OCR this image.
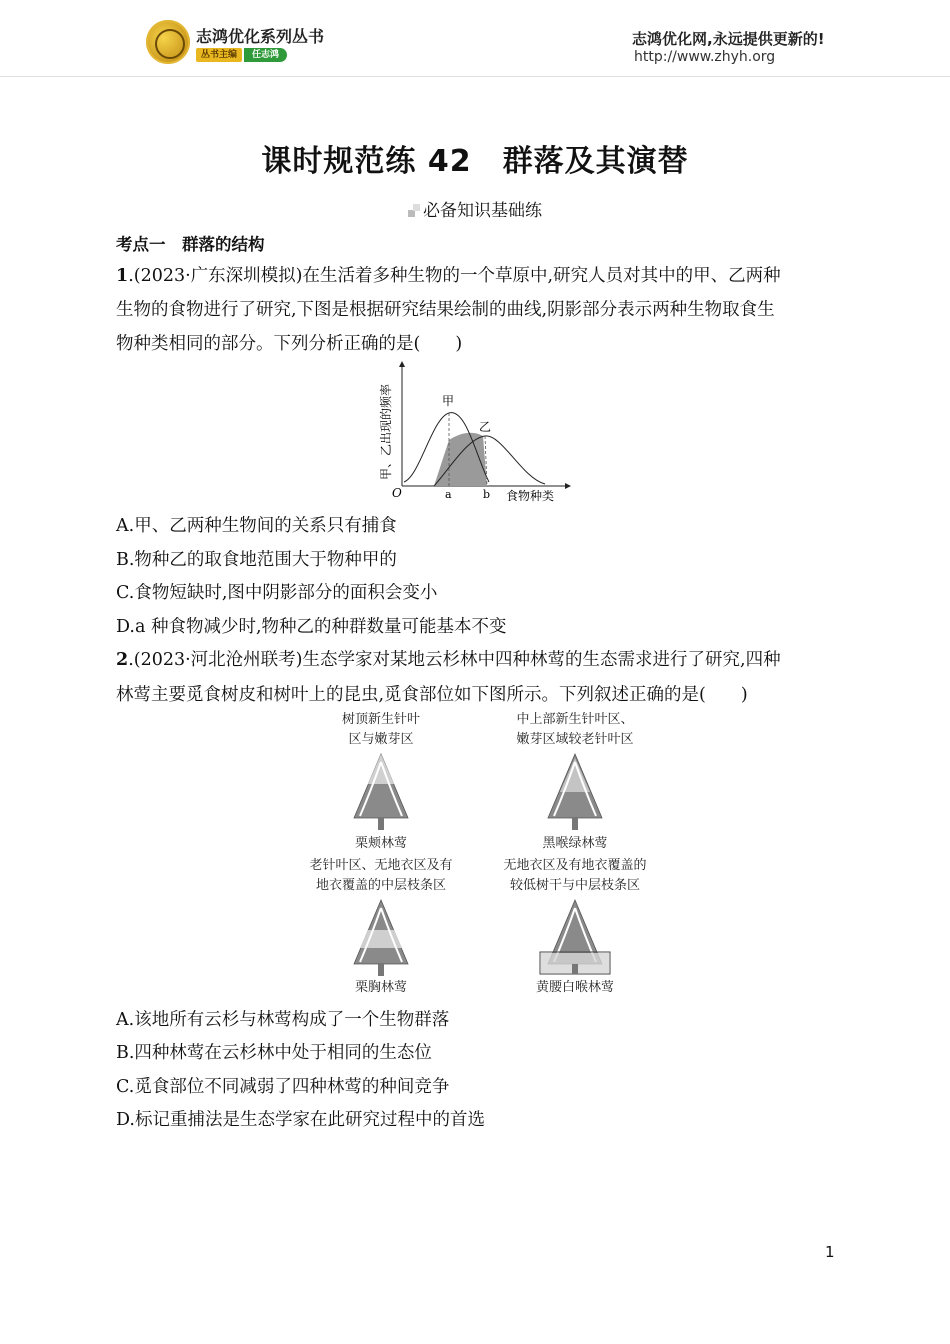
志鸿优化系列丛书
丛书主编	任志鸿
志鸿优化网,永远提供更新的!
http://www.zhyh.org
课时规范练 42　群落及其演替
必备知识基础练
考点一　群落的结构
1.(2023·广东深圳模拟)在生活着多种生物的一个草原中,研究人员对其中的甲、乙两种
生物的食物进行了研究,下图是根据研究结果绘制的曲线,阴影部分表示两种生物取食生
物种类相同的部分。下列分析正确的是(　　)
甲
乙
O	a	b 食物种类
甲、乙出现的频率
A.甲、乙两种生物间的关系只有捕食
B.物种乙的取食地范围大于物种甲的
C.食物短缺时,图中阴影部分的面积会变小
D.a 种食物减少时,物种乙的种群数量可能基本不变
2.(2023·河北沧州联考)生态学家对某地云杉林中四种林莺的生态需求进行了研究,四种
林莺主要觅食树皮和树叶上的昆虫,觅食部位如下图所示。下列叙述正确的是(　　)
树顶新生针叶
区与嫩芽区
中上部新生针叶区、
嫩芽区域较老针叶区
栗颊林莺	黑喉绿林莺
老针叶区、无地衣区及有
地衣覆盖的中层枝条区
无地衣区及有地衣覆盖的
较低树干与中层枝条区
栗胸林莺	黄腰白喉林莺
A.该地所有云杉与林莺构成了一个生物群落
B.四种林莺在云杉林中处于相同的生态位
C.觅食部位不同减弱了四种林莺的种间竞争
D.标记重捕法是生态学家在此研究过程中的首选
1
